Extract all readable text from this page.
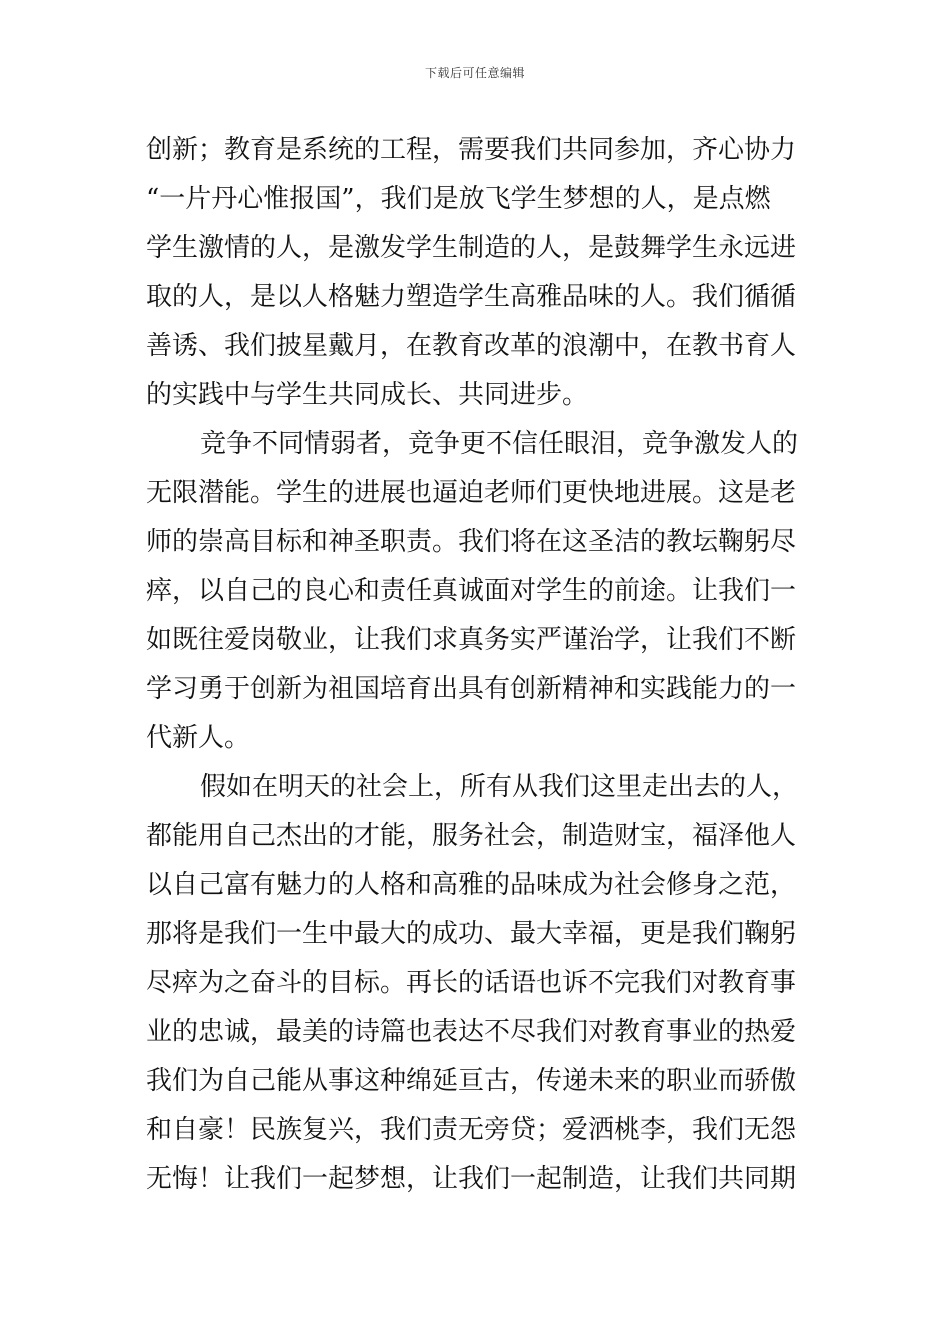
下载后可任意编辑
创新；教育是系统的工程，需要我们共同参加，齐心协力
“一片丹心惟报国”，我们是放飞学生梦想的人，是点燃
学生激情的人，是激发学生制造的人，是鼓舞学生永远进
取的人，是以人格魅力塑造学生高雅品味的人。我们循循
善诱、我们披星戴月，在教育改革的浪潮中，在教书育人
的实践中与学生共同成长、共同进步。
竞争不同情弱者，竞争更不信任眼泪，竞争激发人的
无限潜能。学生的进展也逼迫老师们更快地进展。这是老
师的崇高目标和神圣职责。我们将在这圣洁的教坛鞠躬尽
瘁，以自己的良心和责任真诚面对学生的前途。让我们一
如既往爱岗敬业，让我们求真务实严谨治学，让我们不断
学习勇于创新为祖国培育出具有创新精神和实践能力的一
代新人。
假如在明天的社会上，所有从我们这里走出去的人，
都能用自己杰出的才能，服务社会，制造财宝，福泽他人
以自己富有魅力的人格和高雅的品味成为社会修身之范，
那将是我们一生中最大的成功、最大幸福，更是我们鞠躬
尽瘁为之奋斗的目标。再长的话语也诉不完我们对教育事
业的忠诚，最美的诗篇也表达不尽我们对教育事业的热爱
我们为自己能从事这种绵延亘古，传递未来的职业而骄傲
和自豪！民族复兴，我们责无旁贷；爱洒桃李，我们无怨
无悔！让我们一起梦想，让我们一起制造，让我们共同期
